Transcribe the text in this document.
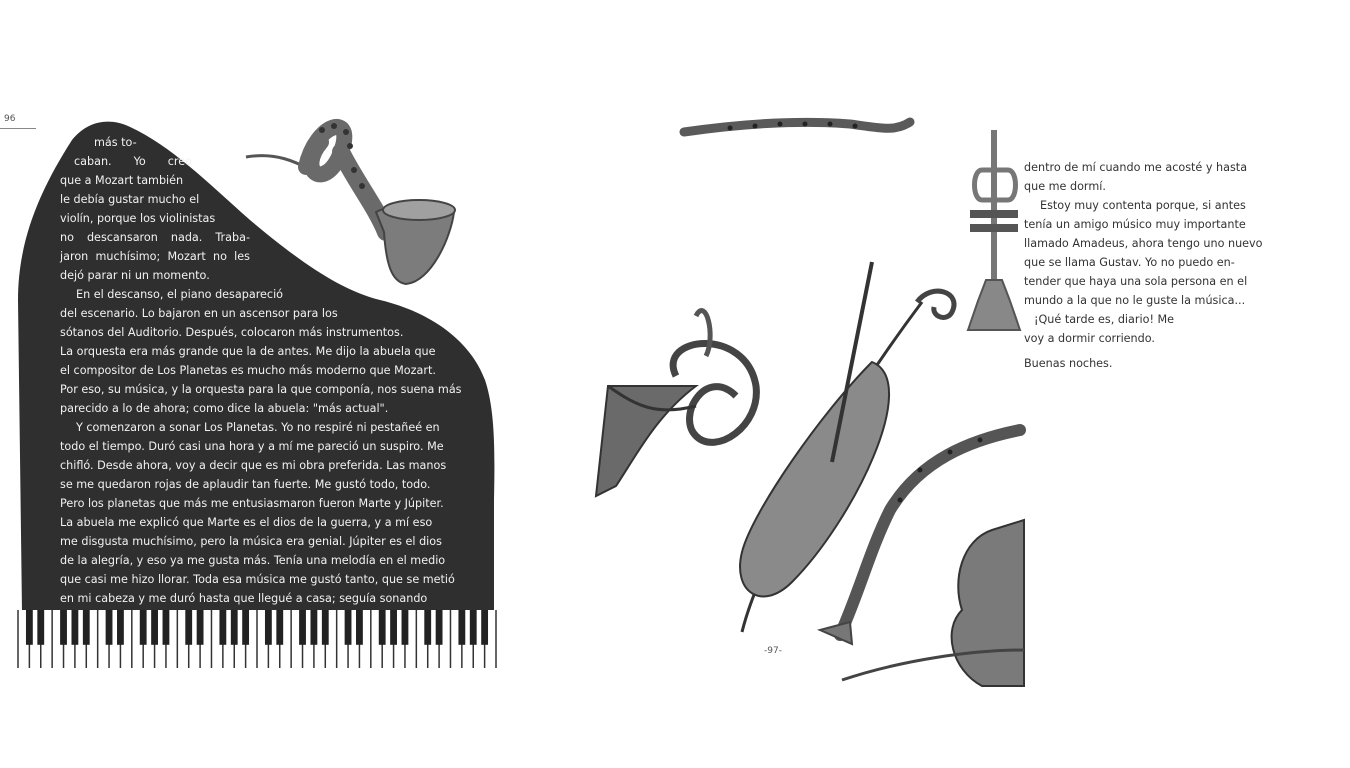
96
más to-
caban. Yo creo
que a Mozart también
le debía gustar mucho el
violín, porque los violinistas
no descansaron nada. Traba-
jaron muchísimo; Mozart no les
dejó parar ni un momento.
En el descanso, el piano desapareció
del escenario. Lo bajaron en un ascensor para los
sótanos del Auditorio. Después, colocaron más instrumentos.
La orquesta era más grande que la de antes. Me dijo la abuela que
el compositor de Los Planetas es mucho más moderno que Mozart.
Por eso, su música, y la orquesta para la que componía, nos suena más
parecido a lo de ahora; como dice la abuela: "más actual".
Y comenzaron a sonar Los Planetas. Yo no respiré ni pestañeé en
todo el tiempo. Duró casi una hora y a mí me pareció un suspiro. Me
chifló. Desde ahora, voy a decir que es mi obra preferida. Las manos
se me quedaron rojas de aplaudir tan fuerte. Me gustó todo, todo.
Pero los planetas que más me entusiasmaron fueron Marte y Júpiter.
La abuela me explicó que Marte es el dios de la guerra, y a mí eso
me disgusta muchísimo, pero la música era genial. Júpiter es el dios
de la alegría, y eso ya me gusta más. Tenía una melodía en el medio
que casi me hizo llorar. Toda esa música me gustó tanto, que se metió
en mi cabeza y me duró hasta que llegué a casa; seguía sonando
-97-
dentro de mí cuando me acosté y hasta
que me dormí.
Estoy muy contenta porque, si antes
tenía un amigo músico muy importante
llamado Amadeus, ahora tengo uno nuevo
que se llama Gustav. Yo no puedo en-
tender que haya una sola persona en el
mundo a la que no le guste la música...
¡Qué tarde es, diario! Me
voy a dormir corriendo.
Buenas noches.
